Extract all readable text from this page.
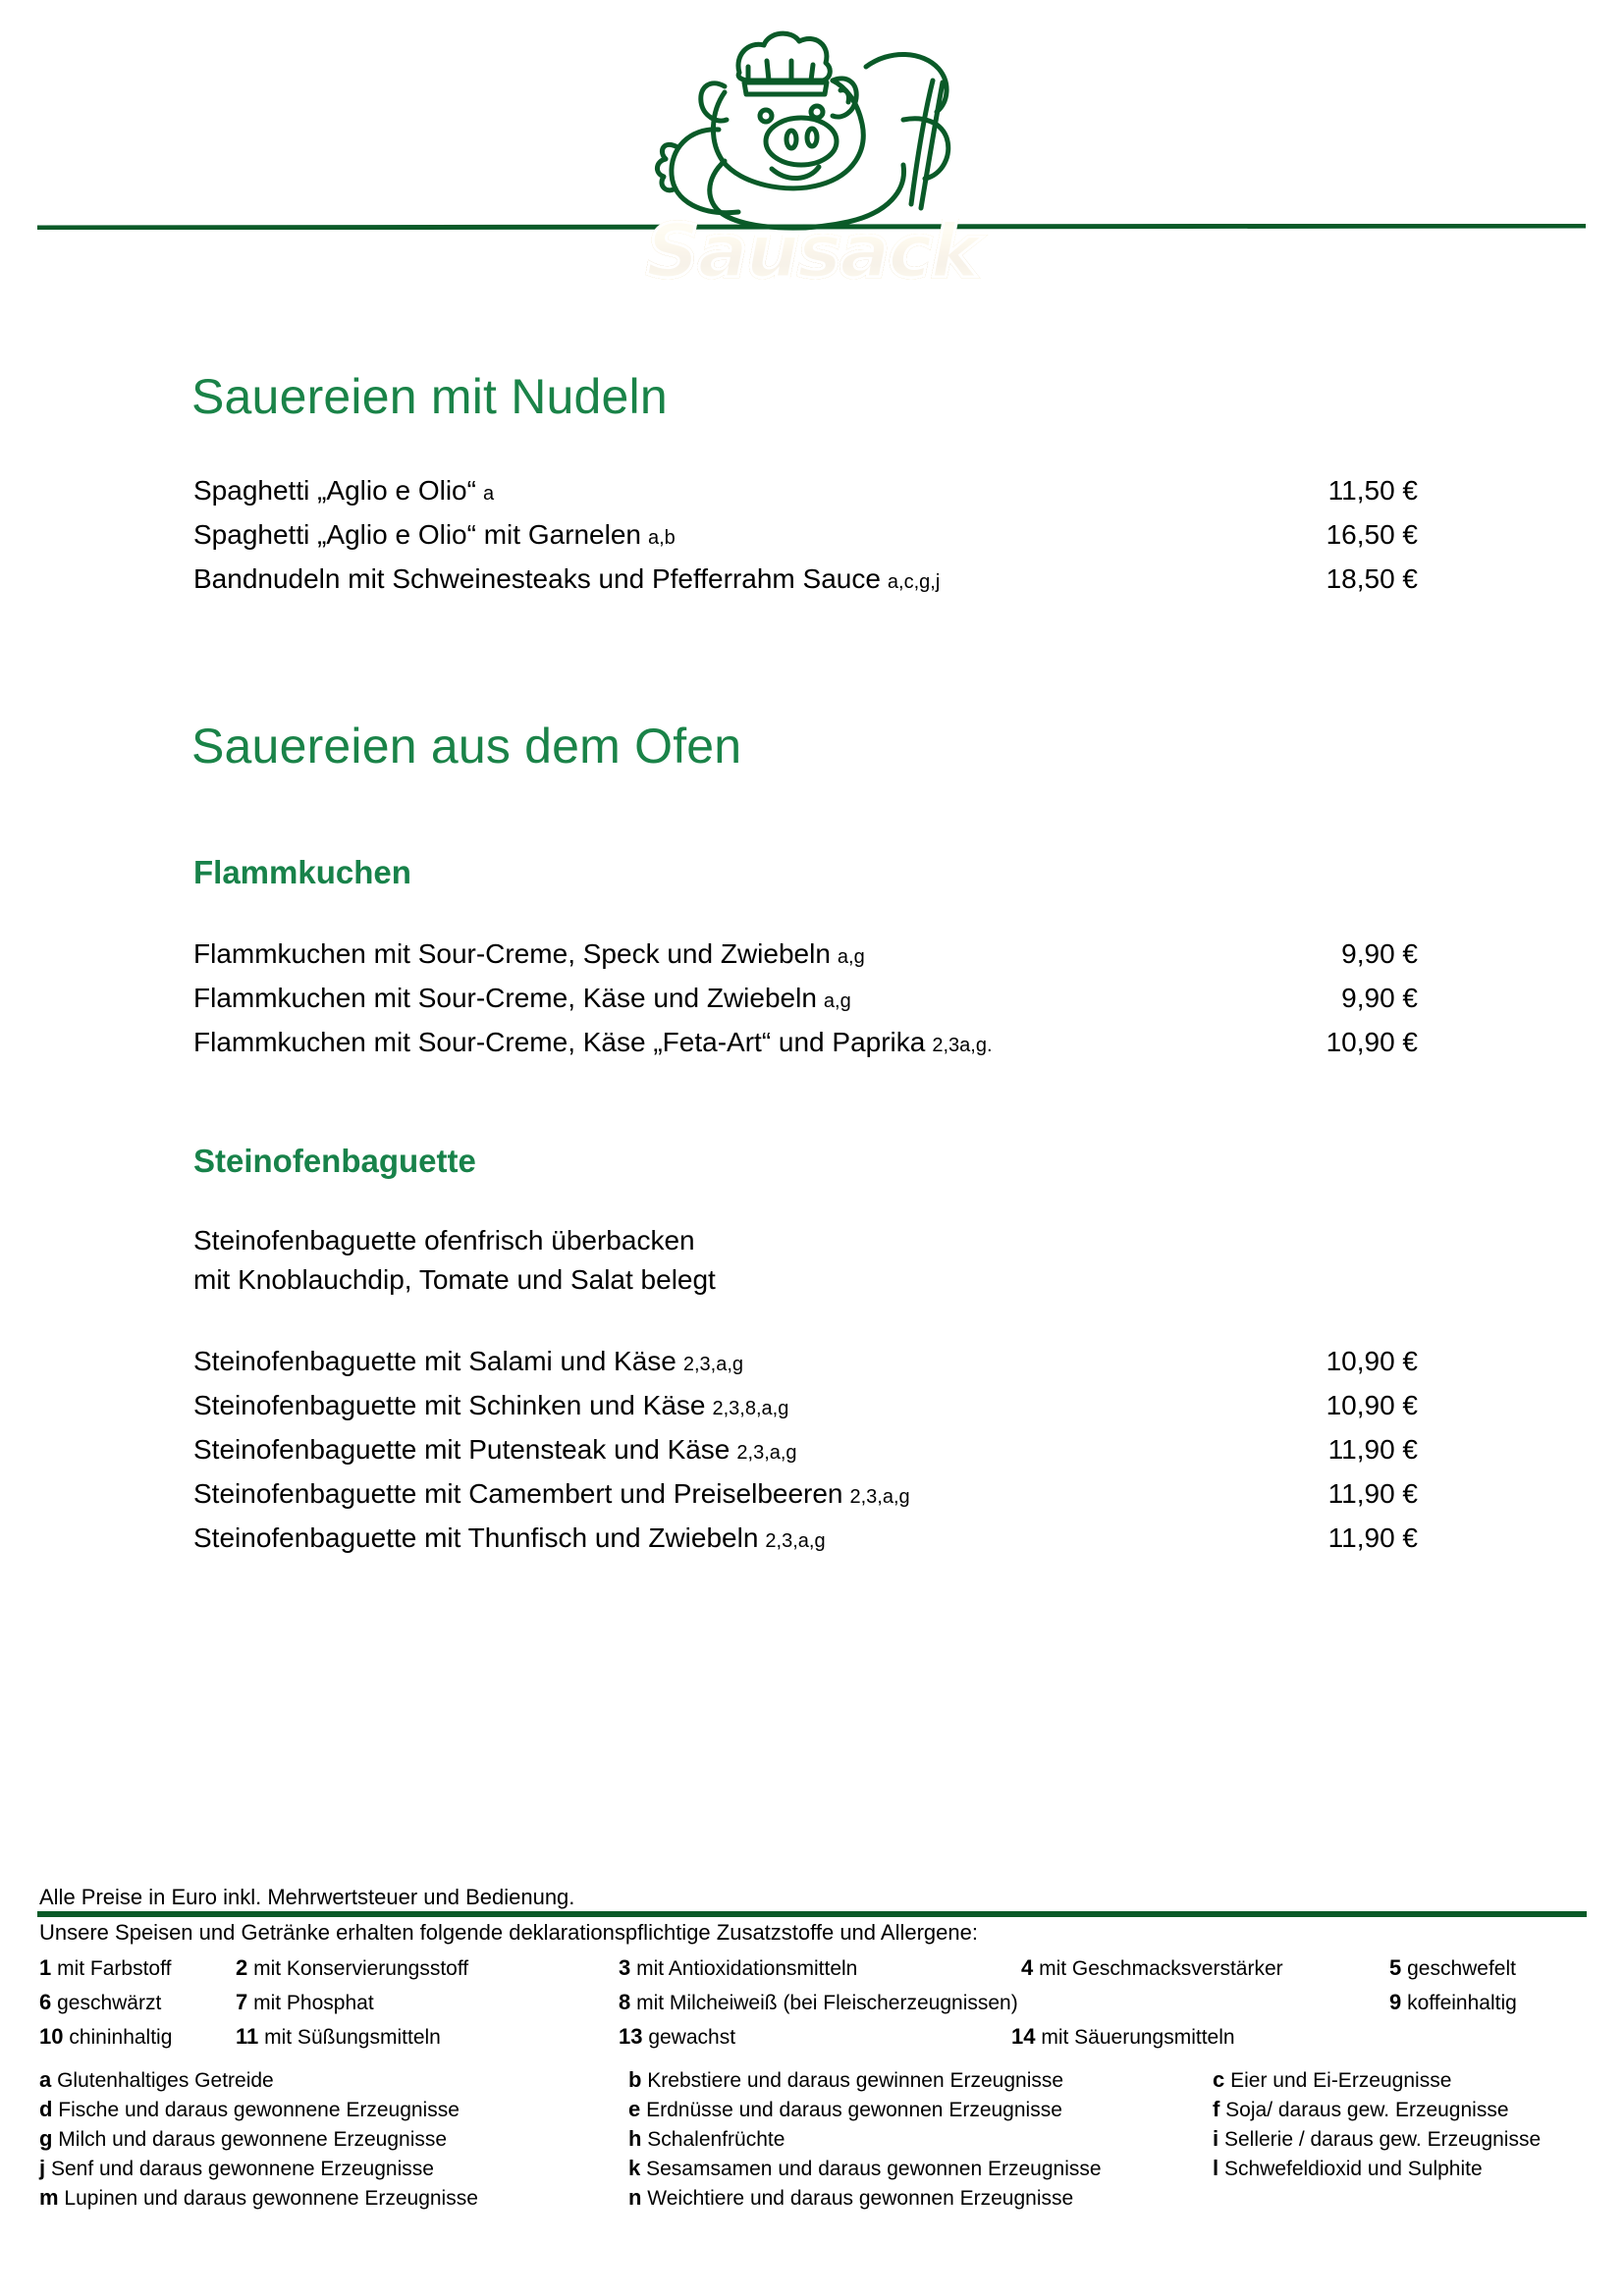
Sausack
Sauereien mit Nudeln
Spaghetti „Aglio e Olio“ a	11,50 €
Spaghetti „Aglio e Olio“ mit Garnelen a,b	16,50 €
Bandnudeln mit Schweinesteaks und Pfefferrahm Sauce a,c,g,j	18,50 €
Sauereien aus dem Ofen
Flammkuchen
Flammkuchen mit Sour-Creme, Speck und Zwiebeln a,g	9,90 €
Flammkuchen mit Sour-Creme, Käse und Zwiebeln a,g	9,90 €
Flammkuchen mit Sour-Creme, Käse „Feta-Art“ und Paprika 2,3a,g.	10,90 €
Steinofenbaguette
Steinofenbaguette ofenfrisch überbacken
mit Knoblauchdip, Tomate und Salat belegt
Steinofenbaguette mit Salami und Käse 2,3,a,g	10,90 €
Steinofenbaguette mit Schinken und Käse 2,3,8,a,g	10,90 €
Steinofenbaguette mit Putensteak und Käse 2,3,a,g	11,90 €
Steinofenbaguette mit Camembert und Preiselbeeren 2,3,a,g	11,90 €
Steinofenbaguette mit Thunfisch und Zwiebeln 2,3,a,g	11,90 €
Alle Preise in Euro inkl. Mehrwertsteuer und Bedienung.
Unsere Speisen und Getränke erhalten folgende deklarationspflichtige Zusatzstoffe und Allergene:
1 mit Farbstoff	2 mit Konservierungsstoff	3 mit Antioxidationsmitteln	4 mit Geschmacksverstärker	5 geschwefelt
6 geschwärzt	7 mit Phosphat	8 mit Milcheiweiß (bei Fleischerzeugnissen)	9 koffeinhaltig
10 chininhaltig	11 mit Süßungsmitteln	13 gewachst	14 mit Säuerungsmitteln
a Glutenhaltiges Getreide	b Krebstiere und daraus gewinnen Erzeugnisse	c Eier und Ei-Erzeugnisse
d Fische und daraus gewonnene Erzeugnisse	e Erdnüsse und daraus gewonnen Erzeugnisse	f Soja/ daraus gew. Erzeugnisse
g Milch und daraus gewonnene Erzeugnisse	h Schalenfrüchte	i Sellerie / daraus gew. Erzeugnisse
j Senf und daraus gewonnene Erzeugnisse	k Sesamsamen und daraus gewonnen Erzeugnisse	l Schwefeldioxid und Sulphite
m Lupinen und daraus gewonnene Erzeugnisse	n Weichtiere und daraus gewonnen Erzeugnisse
